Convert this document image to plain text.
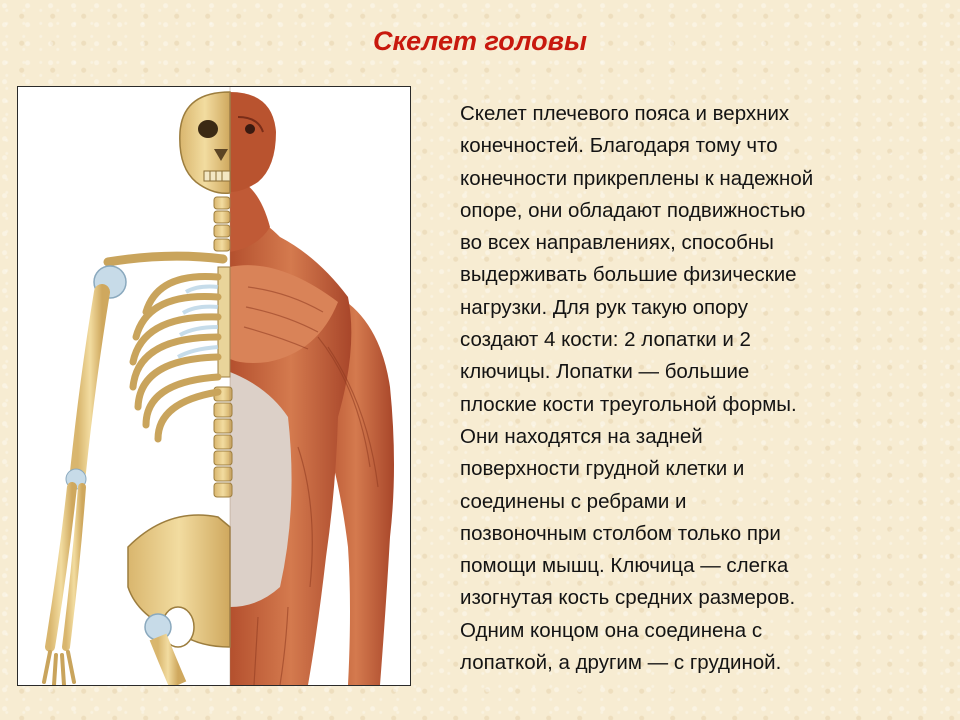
Скелет головы
Скелет плечевого пояса и верхних
конечностей. Благодаря тому что
конечности прикреплены к надежной
опоре, они обладают подвижностью
во всех направлениях, способны
выдерживать большие физические
нагрузки. Для рук такую опору
создают 4 кости: 2 лопатки и 2
ключицы. Лопатки — большие
плоские кости треугольной формы.
Они находятся на задней
поверхности грудной клетки и
соединены с ребрами и
позвоночным столбом только при
помощи мышц. Ключица — слегка
изогнутая кость средних размеров.
Одним концом она соединена с
лопаткой, а другим — с грудиной.
